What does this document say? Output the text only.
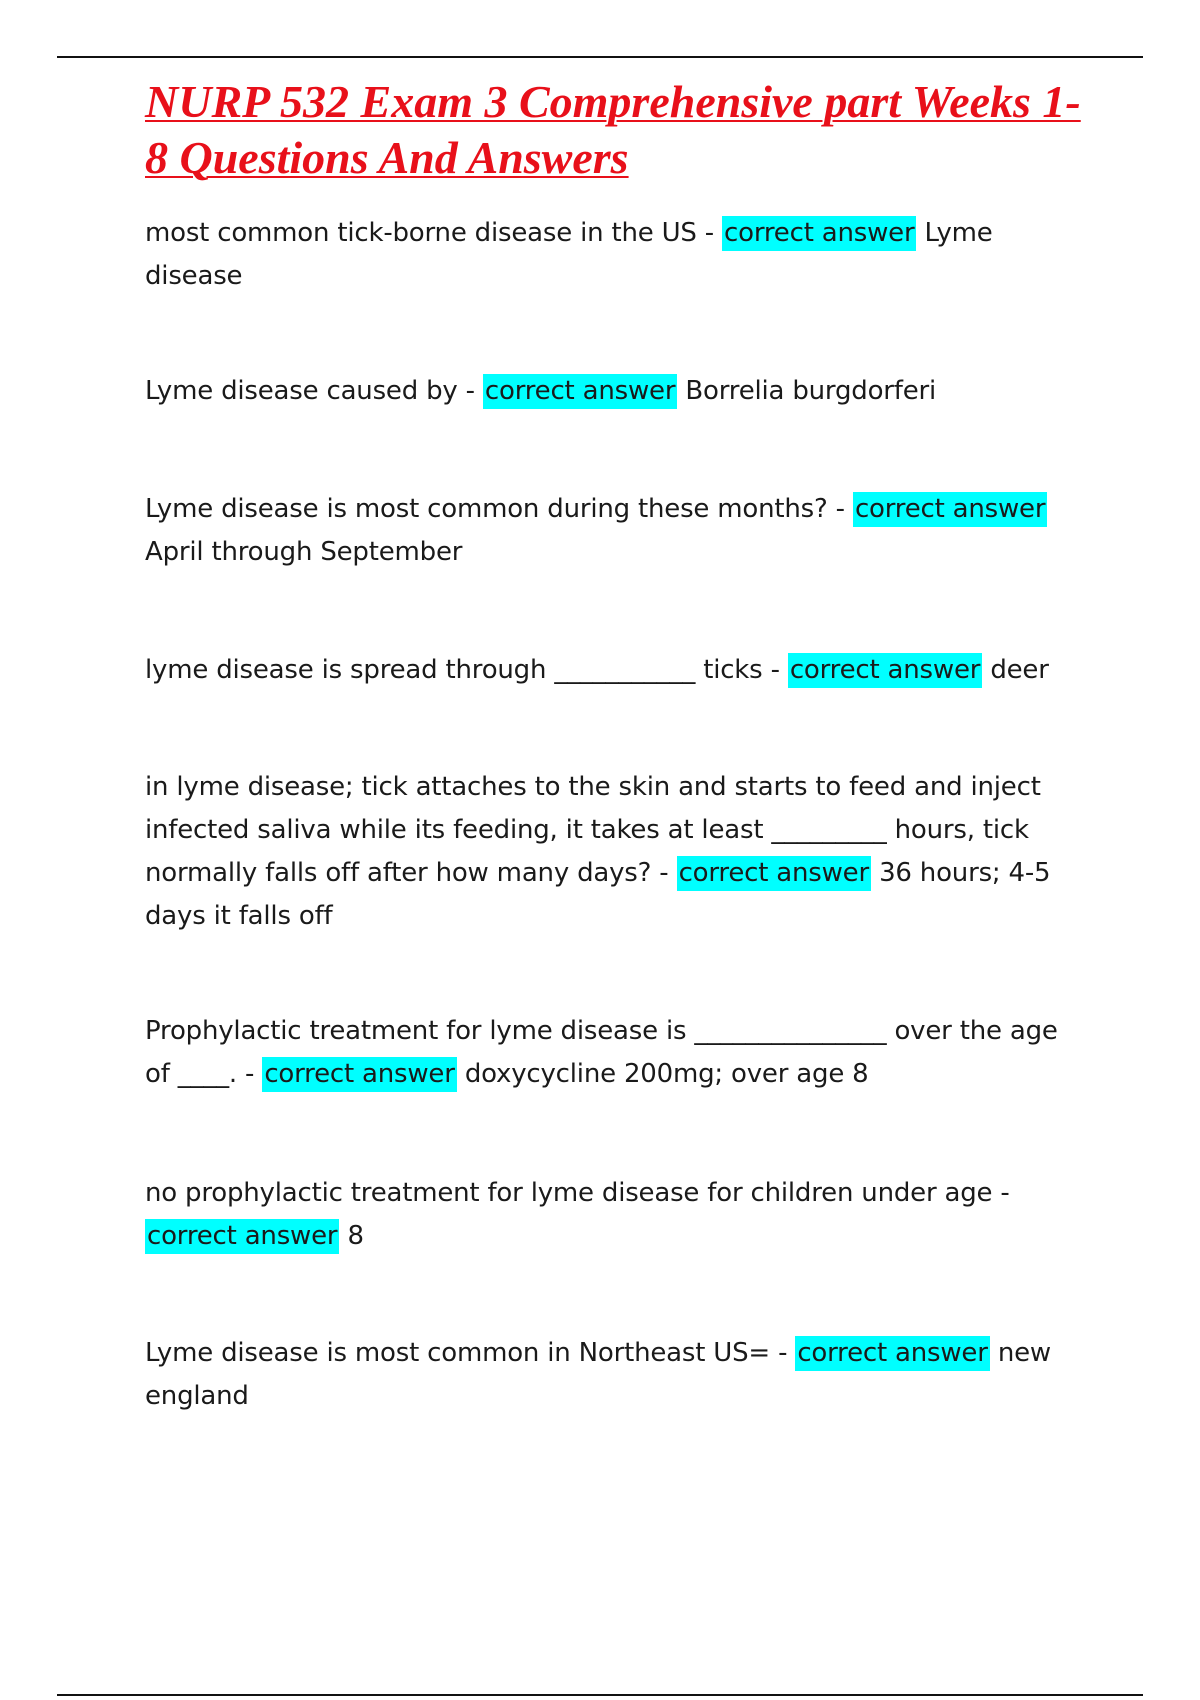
NURP 532 Exam 3 Comprehensive part Weeks 1-8 Questions And Answers

most common tick-borne disease in the US - correct answer Lyme disease

Lyme disease caused by - correct answer Borrelia burgdorferi

Lyme disease is most common during these months? - correct answer April through September

lyme disease is spread through ___________ ticks - correct answer deer

in lyme disease; tick attaches to the skin and starts to feed and inject infected saliva while its feeding, it takes at least _________ hours, tick normally falls off after how many days? - correct answer 36 hours; 4-5 days it falls off

Prophylactic treatment for lyme disease is _______________ over the age of ____. - correct answer doxycycline 200mg; over age 8

no prophylactic treatment for lyme disease for children under age - correct answer 8

Lyme disease is most common in Northeast US= - correct answer new england
